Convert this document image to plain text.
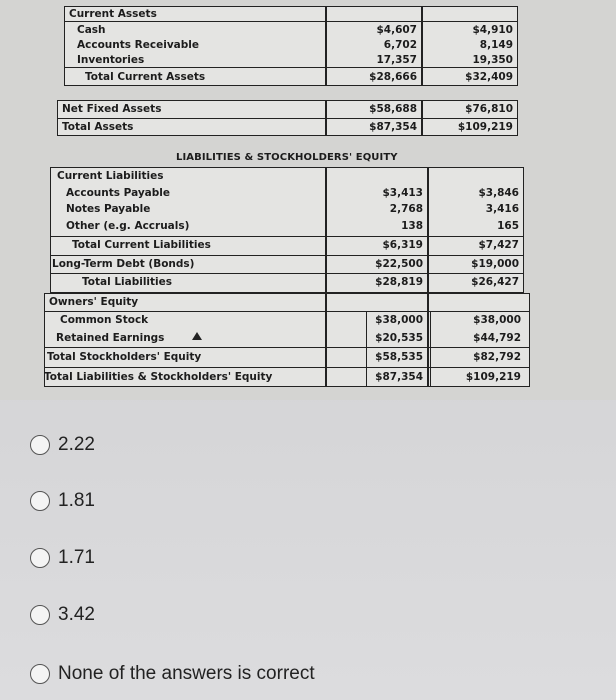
Current Assets
Cash
Accounts Receivable
Inventories
Total Current Assets
$4,607
6,702
17,357
$28,666
$4,910
8,149
19,350
$32,409
Net Fixed Assets
Total Assets
$58,688
$87,354
$76,810
$109,219
LIABILITIES & STOCKHOLDERS' EQUITY
Current Liabilities
Accounts Payable
Notes Payable
Other (e.g. Accruals)
Total Current Liabilities
Long-Term Debt (Bonds)
Total Liabilities
$3,413
2,768
138
$6,319
$22,500
$28,819
$3,846
3,416
165
$7,427
$19,000
$26,427
Owners' Equity
Common Stock
Retained Earnings
Total Stockholders' Equity
Total Liabilities & Stockholders' Equity
$38,000
$20,535
$58,535
$87,354
$38,000
$44,792
$82,792
$109,219
2.22
1.81
1.71
3.42
None of the answers is correct
